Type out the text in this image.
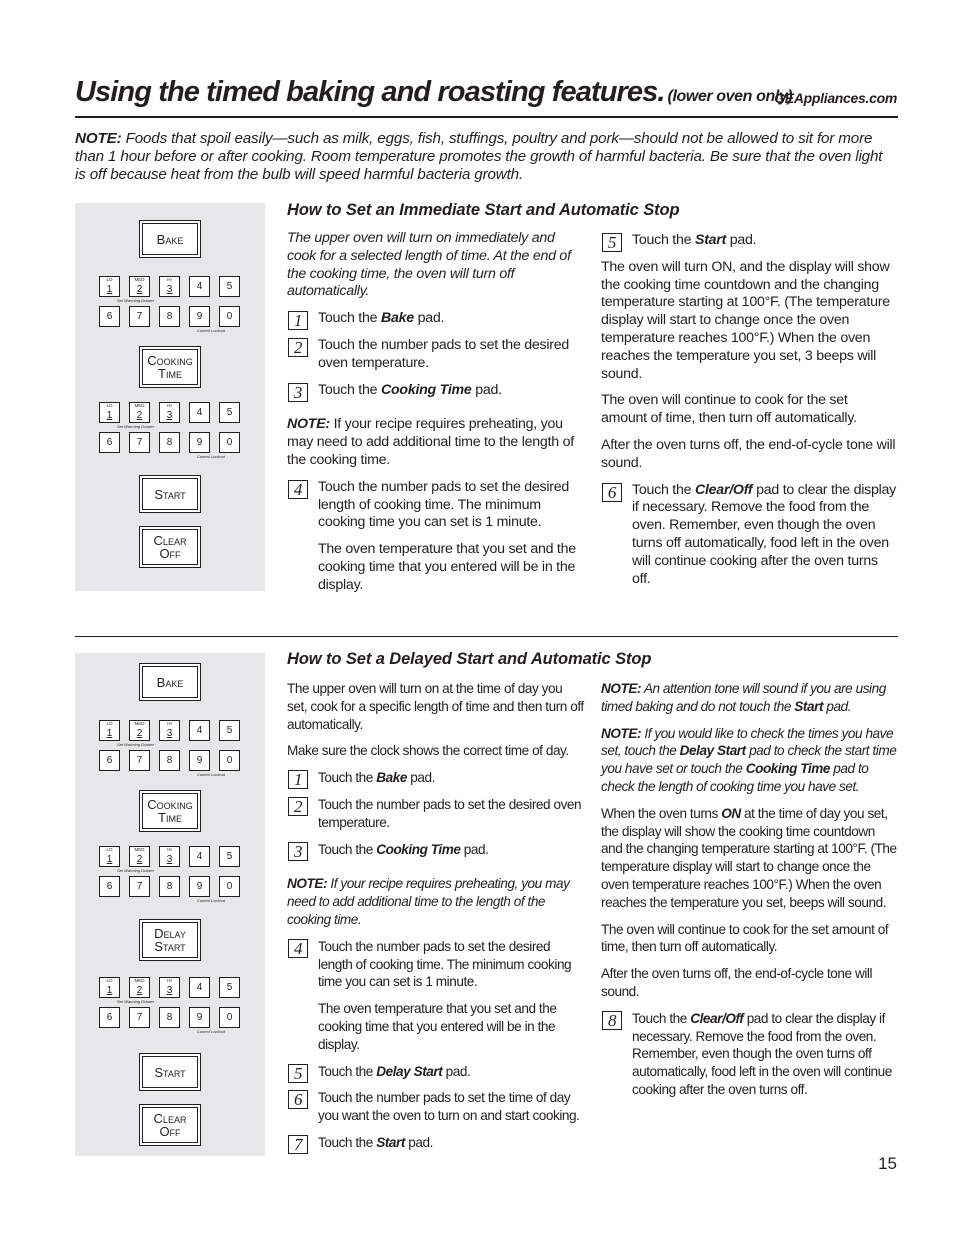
Using the timed baking and roasting features. (lower oven only)
GEAppliances.com
NOTE: Foods that spoil easily—such as milk, eggs, fish, stuffings, poultry and pork—should not be allowed to sit for more than 1 hour before or after cooking. Room temperature promotes the growth of harmful bacteria. Be sure that the oven light is off because heat from the bulb will speed harmful bacteria growth.
Bake
LO
1
MED
2
HI
3	4	5
6	7	8	9	0
Set Warming Drawer
Control Lockout
Cooking
Time
LO
1
MED
2
HI
3	4	5
6	7	8	9	0
Set Warming Drawer
Control Lockout
Start
Clear
Off
How to Set an Immediate Start and Automatic Stop

The upper oven will turn on immediately and cook for a selected length of time. At the end of the cooking time, the oven will turn off automatically.

1	Touch the Bake pad.
2	Touch the number pads to set the desired oven temperature.
3	Touch the Cooking Time pad.

NOTE: If your recipe requires preheating, you may need to add additional time to the length of the cooking time.

4	Touch the number pads to set the desired length of cooking time. The minimum cooking time you can set is 1 minute.

The oven temperature that you set and the cooking time that you entered will be in the display.

5	Touch the Start pad.

The oven will turn ON, and the display will show the cooking time countdown and the changing temperature starting at 100°F. (The temperature display will start to change once the oven temperature reaches 100°F.) When the oven reaches the temperature you set, 3 beeps will sound.

The oven will continue to cook for the set amount of time, then turn off automatically.

After the oven turns off, the end-of-cycle tone will sound.

6	Touch the Clear/Off pad to clear the display if necessary. Remove the food from the oven. Remember, even though the oven turns off automatically, food left in the oven will continue cooking after the oven turns off.
Bake
LO
1
MED
2
HI
3	4	5
6	7	8	9	0
Set Warming Drawer
Control Lockout
Cooking
Time
LO
1
MED
2
HI
3	4	5
6	7	8	9	0
Set Warming Drawer
Control Lockout
Delay
Start
LO
1
MED
2
HI
3	4	5
6	7	8	9	0
Set Warming Drawer
Control Lockout
Start
Clear
Off
How to Set a Delayed Start and Automatic Stop

The upper oven will turn on at the time of day you set, cook for a specific length of time and then turn off automatically.

Make sure the clock shows the correct time of day.

1	Touch the Bake pad.
2	Touch the number pads to set the desired oven temperature.
3	Touch the Cooking Time pad.

NOTE: If your recipe requires preheating, you may need to add additional time to the length of the cooking time.

4	Touch the number pads to set the desired length of cooking time. The minimum cooking time you can set is 1 minute.

The oven temperature that you set and the cooking time that you entered will be in the display.

5	Touch the Delay Start pad.
6	Touch the number pads to set the time of day you want the oven to turn on and start cooking.
7	Touch the Start pad.

NOTE: An attention tone will sound if you are using timed baking and do not touch the Start pad.

NOTE: If you would like to check the times you have set, touch the Delay Start pad to check the start time you have set or touch the Cooking Time pad to check the length of cooking time you have set.

When the oven turns ON at the time of day you set, the display will show the cooking time countdown and the changing temperature starting at 100°F. (The temperature display will start to change once the oven temperature reaches 100°F.) When the oven reaches the temperature you set, beeps will sound.

The oven will continue to cook for the set amount of time, then turn off automatically.

After the oven turns off, the end-of-cycle tone will sound.

8	Touch the Clear/Off pad to clear the display if necessary. Remove the food from the oven. Remember, even though the oven turns off automatically, food left in the oven will continue cooking after the oven turns off.
15
